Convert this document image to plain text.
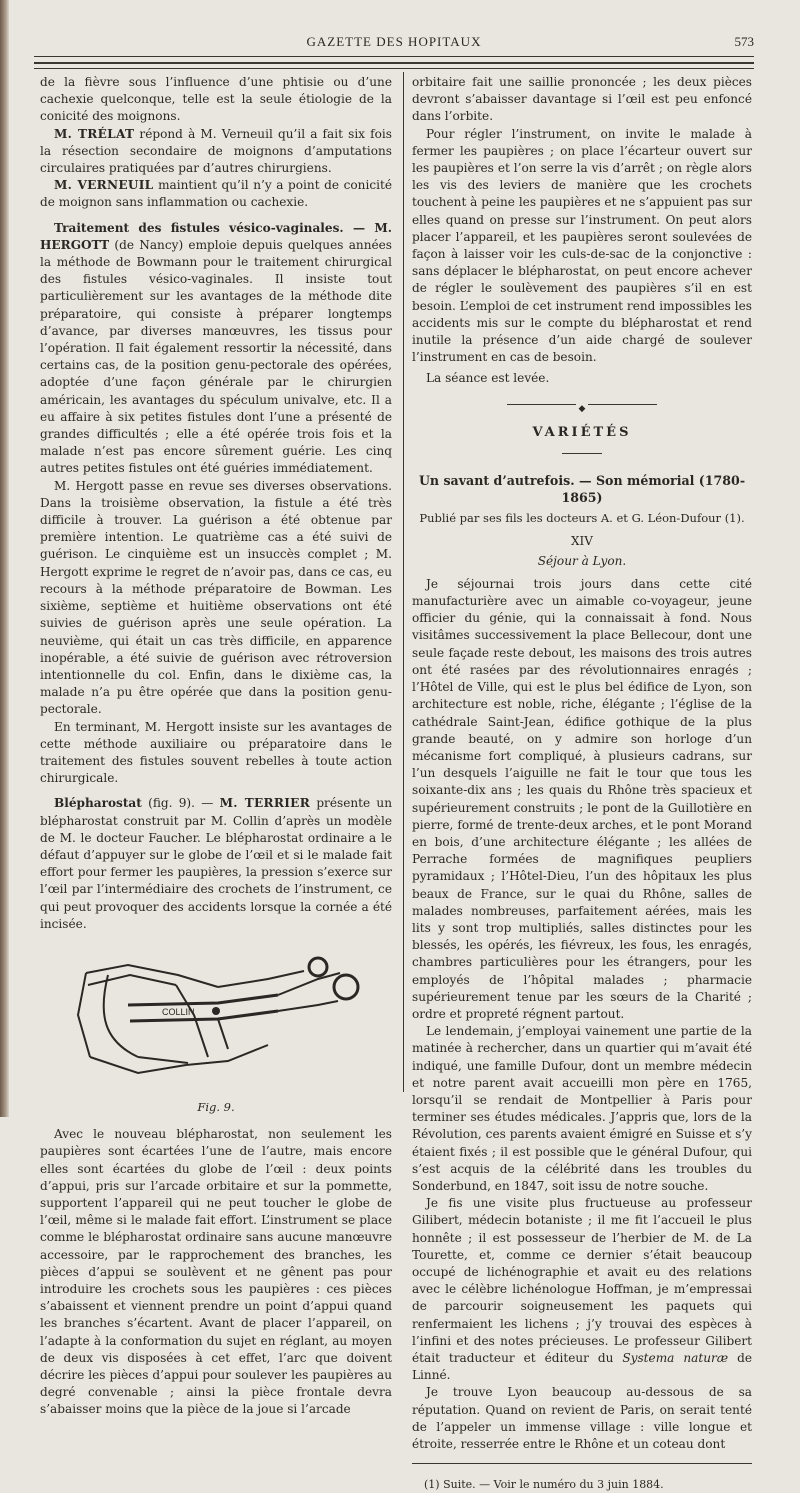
GAZETTE DES HOPITAUX	573

de la fièvre sous l’influence d’une phtisie ou d’une cachexie quelconque, telle est la seule étiologie de la conicité des moignons.

M. TRÉLAT répond à M. Verneuil qu’il a fait six fois la résection secondaire de moignons d’amputations circulaires pratiquées par d’autres chirurgiens.

M. VERNEUIL maintient qu’il n’y a point de conicité de moignon sans inflammation ou cachexie.

Traitement des fistules vésico-vaginales. — M. HERGOTT (de Nancy) emploie depuis quelques années la méthode de Bowmann pour le traitement chirurgical des fistules vésico-vaginales. Il insiste tout particulièrement sur les avantages de la méthode dite préparatoire, qui consiste à préparer longtemps d’avance, par diverses manœuvres, les tissus pour l’opération. Il fait également ressortir la nécessité, dans certains cas, de la position genu-pectorale des opérées, adoptée d’une façon générale par le chirurgien américain, les avantages du spéculum univalve, etc. Il a eu affaire à six petites fistules dont l’une a présenté de grandes difficultés ; elle a été opérée trois fois et la malade n’est pas encore sûrement guérie. Les cinq autres petites fistules ont été guéries immédiatement.

M. Hergott passe en revue ses diverses observations. Dans la troisième observation, la fistule a été très difficile à trouver. La guérison a été obtenue par première intention. Le quatrième cas a été suivi de guérison. Le cinquième est un insuccès complet ; M. Hergott exprime le regret de n’avoir pas, dans ce cas, eu recours à la méthode préparatoire de Bowman. Les sixième, septième et huitième observations ont été suivies de guérison après une seule opération. La neuvième, qui était un cas très difficile, en apparence inopérable, a été suivie de guérison avec rétroversion intentionnelle du col. Enfin, dans le dixième cas, la malade n’a pu être opérée que dans la position genu-pectorale.

En terminant, M. Hergott insiste sur les avantages de cette méthode auxiliaire ou préparatoire dans le traitement des fistules souvent rebelles à toute action chirurgicale.

Blépharostat (fig. 9). — M. TERRIER présente un blépharostat construit par M. Collin d’après un modèle de M. le docteur Faucher. Le blépharostat ordinaire a le défaut d’appuyer sur le globe de l’œil et si le malade fait effort pour fermer les paupières, la pression s’exerce sur l’œil par l’intermédiaire des crochets de l’instrument, ce qui peut provoquer des accidents lorsque la cornée a été incisée.

COLLIN
Fig. 9.

Avec le nouveau blépharostat, non seulement les paupières sont écartées l’une de l’autre, mais encore elles sont écartées du globe de l’œil : deux points d’appui, pris sur l’arcade orbitaire et sur la pommette, supportent l’appareil qui ne peut toucher le globe de l’œil, même si le malade fait effort. L’instrument se place comme le blépharostat ordinaire sans aucune manœuvre accessoire, par le rapprochement des branches, les pièces d’appui se soulèvent et ne gênent pas pour introduire les crochets sous les paupières : ces pièces s’abaissent et viennent prendre un point d’appui quand les branches s’écartent. Avant de placer l’appareil, on l’adapte à la conformation du sujet en réglant, au moyen de deux vis disposées à cet effet, l’arc que doivent décrire les pièces d’appui pour soulever les paupières au degré convenable ; ainsi la pièce frontale devra s’abaisser moins que la pièce de la joue si l’arcade

orbitaire fait une saillie prononcée ; les deux pièces devront s’abaisser davantage si l’œil est peu enfoncé dans l’orbite.

Pour régler l’instrument, on invite le malade à fermer les paupières ; on place l’écarteur ouvert sur les paupières et l’on serre la vis d’arrêt ; on règle alors les vis des leviers de manière que les crochets touchent à peine les paupières et ne s’appuient pas sur elles quand on presse sur l’instrument. On peut alors placer l’appareil, et les paupières seront soulevées de façon à laisser voir les culs-de-sac de la conjonctive : sans déplacer le blépharostat, on peut encore achever de régler le soulèvement des paupières s’il en est besoin. L’emploi de cet instrument rend impossibles les accidents mis sur le compte du blépharostat et rend inutile la présence d’un aide chargé de soulever l’instrument en cas de besoin.

La séance est levée.

◆
VARIÉTÉS
Un savant d’autrefois. — Son mémorial (1780-1865)
Publié par ses fils les docteurs A. et G. Léon-Dufour (1).
XIV
Séjour à Lyon.

Je séjournai trois jours dans cette cité manufacturière avec un aimable co-voyageur, jeune officier du génie, qui la connaissait à fond. Nous visitâmes successivement la place Bellecour, dont une seule façade reste debout, les maisons des trois autres ont été rasées par des révolutionnaires enragés ; l’Hôtel de Ville, qui est le plus bel édifice de Lyon, son architecture est noble, riche, élégante ; l’église de la cathédrale Saint-Jean, édifice gothique de la plus grande beauté, on y admire son horloge d’un mécanisme fort compliqué, à plusieurs cadrans, sur l’un desquels l’aiguille ne fait le tour que tous les soixante-dix ans ; les quais du Rhône très spacieux et supérieurement construits ; le pont de la Guillotière en pierre, formé de trente-deux arches, et le pont Morand en bois, d’une architecture élégante ; les allées de Perrache formées de magnifiques peupliers pyramidaux ; l’Hôtel-Dieu, l’un des hôpitaux les plus beaux de France, sur le quai du Rhône, salles de malades nombreuses, parfaitement aérées, mais les lits y sont trop multipliés, salles distinctes pour les blessés, les opérés, les fiévreux, les fous, les enragés, chambres particulières pour les étrangers, pour les employés de l’hôpital malades ; pharmacie supérieurement tenue par les sœurs de la Charité ; ordre et propreté régnent partout.

Le lendemain, j’employai vainement une partie de la matinée à rechercher, dans un quartier qui m’avait été indiqué, une famille Dufour, dont un membre médecin et notre parent avait accueilli mon père en 1765, lorsqu’il se rendait de Montpellier à Paris pour terminer ses études médicales. J’appris que, lors de la Révolution, ces parents avaient émigré en Suisse et s’y étaient fixés ; il est possible que le général Dufour, qui s’est acquis de la célébrité dans les troubles du Sonderbund, en 1847, soit issu de notre souche.

Je fis une visite plus fructueuse au professeur Gilibert, médecin botaniste ; il me fit l’accueil le plus honnête ; il est possesseur de l’herbier de M. de La Tourette, et, comme ce dernier s’était beaucoup occupé de lichénographie et avait eu des relations avec le célèbre lichénologue Hoffman, je m’empressai de parcourir soigneusement les paquets qui renfermaient les lichens ; j’y trouvai des espèces à l’infini et des notes précieuses. Le professeur Gilibert était traducteur et éditeur du Systema naturæ de Linné.

Je trouve Lyon beaucoup au-dessous de sa réputation. Quand on revient de Paris, on serait tenté de l’appeler un immense village : ville longue et étroite, resserrée entre le Rhône et un coteau dont

(1) Suite. — Voir le numéro du 3 juin 1884.
